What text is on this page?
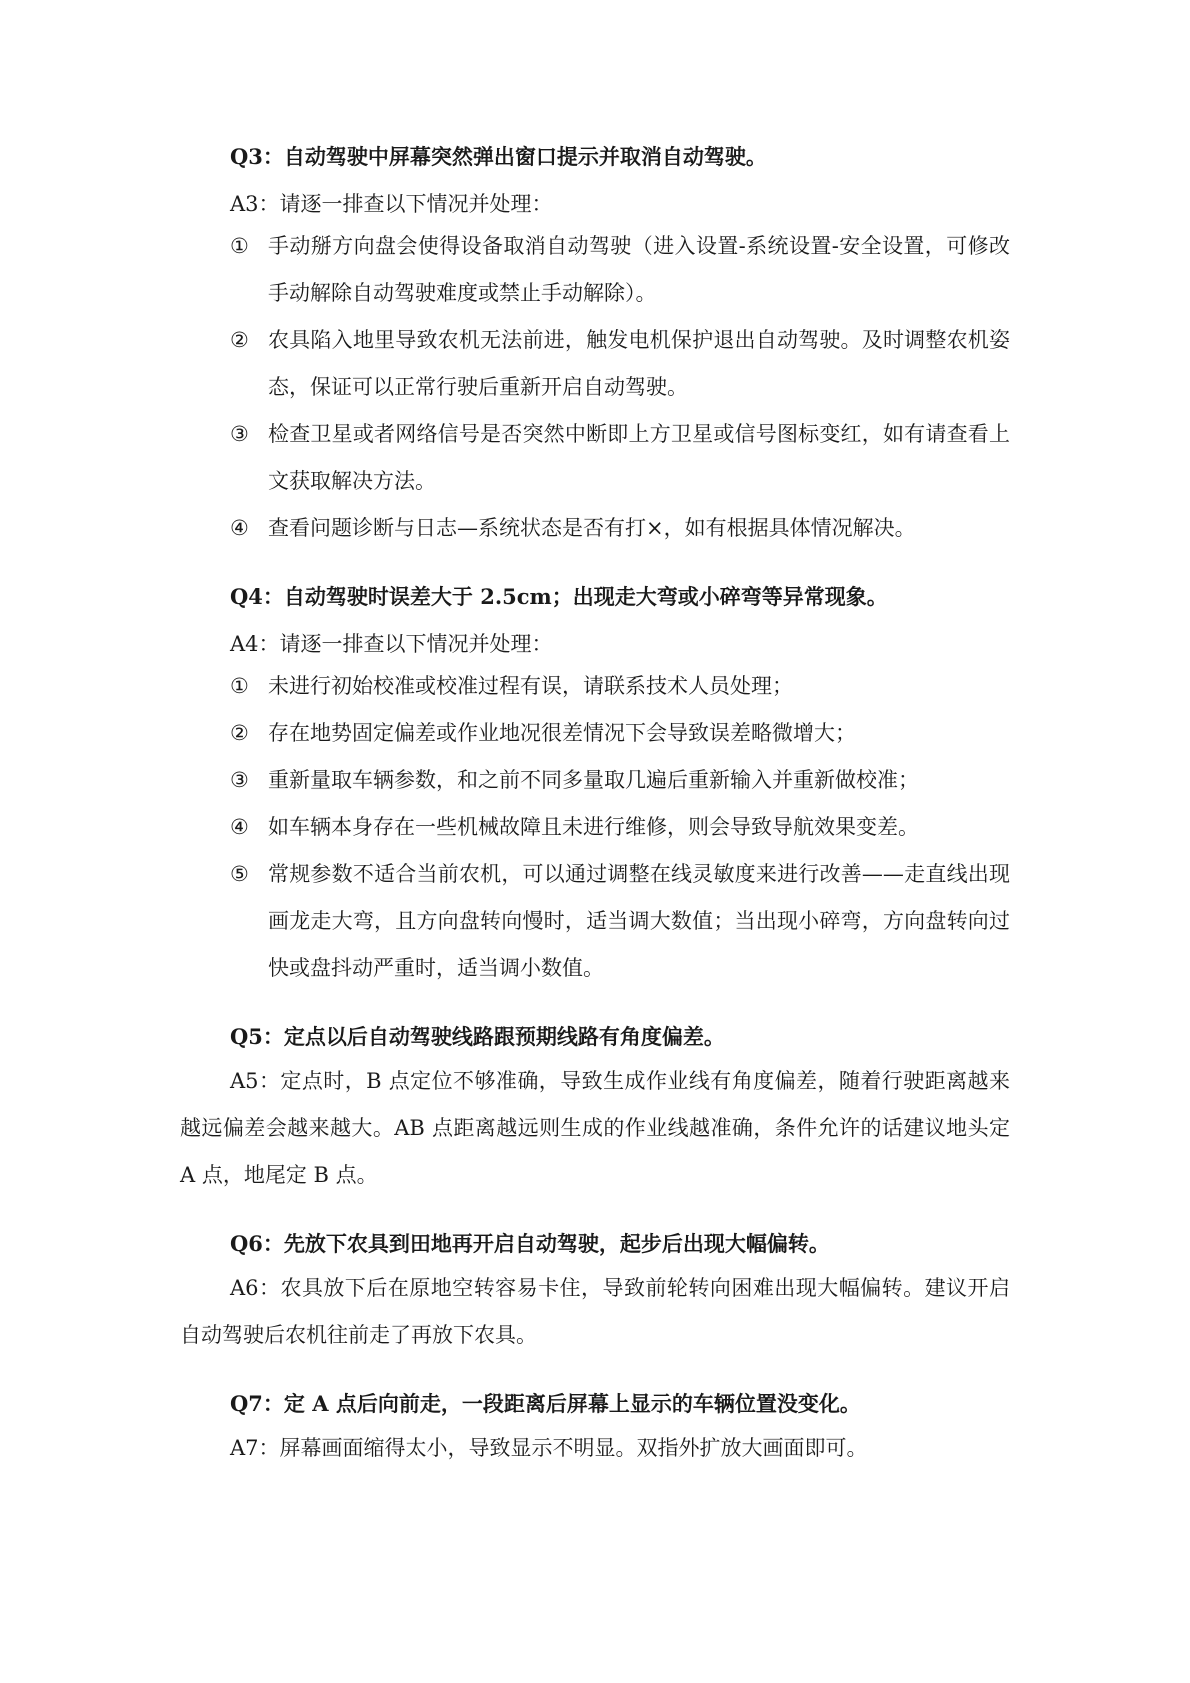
Q3：自动驾驶中屏幕突然弹出窗口提示并取消自动驾驶。
A3：请逐一排查以下情况并处理：
① 手动掰方向盘会使得设备取消自动驾驶（进入设置-系统设置-安全设置，可修改手动解除自动驾驶难度或禁止手动解除）。
② 农具陷入地里导致农机无法前进，触发电机保护退出自动驾驶。及时调整农机姿态，保证可以正常行驶后重新开启自动驾驶。
③ 检查卫星或者网络信号是否突然中断即上方卫星或信号图标变红，如有请查看上文获取解决方法。
④ 查看问题诊断与日志—系统状态是否有打×，如有根据具体情况解决。
Q4：自动驾驶时误差大于 2.5cm；出现走大弯或小碎弯等异常现象。
A4：请逐一排查以下情况并处理：
① 未进行初始校准或校准过程有误，请联系技术人员处理；
② 存在地势固定偏差或作业地况很差情况下会导致误差略微增大；
③ 重新量取车辆参数，和之前不同多量取几遍后重新输入并重新做校准；
④ 如车辆本身存在一些机械故障且未进行维修，则会导致导航效果变差。
⑤ 常规参数不适合当前农机，可以通过调整在线灵敏度来进行改善——走直线出现画龙走大弯，且方向盘转向慢时，适当调大数值；当出现小碎弯，方向盘转向过快或盘抖动严重时，适当调小数值。
Q5：定点以后自动驾驶线路跟预期线路有角度偏差。
A5：定点时，B 点定位不够准确，导致生成作业线有角度偏差，随着行驶距离越来越远偏差会越来越大。AB 点距离越远则生成的作业线越准确，条件允许的话建议地头定 A 点，地尾定 B 点。
Q6：先放下农具到田地再开启自动驾驶，起步后出现大幅偏转。
A6：农具放下后在原地空转容易卡住，导致前轮转向困难出现大幅偏转。建议开启自动驾驶后农机往前走了再放下农具。
Q7：定 A 点后向前走，一段距离后屏幕上显示的车辆位置没变化。
A7：屏幕画面缩得太小，导致显示不明显。双指外扩放大画面即可。
